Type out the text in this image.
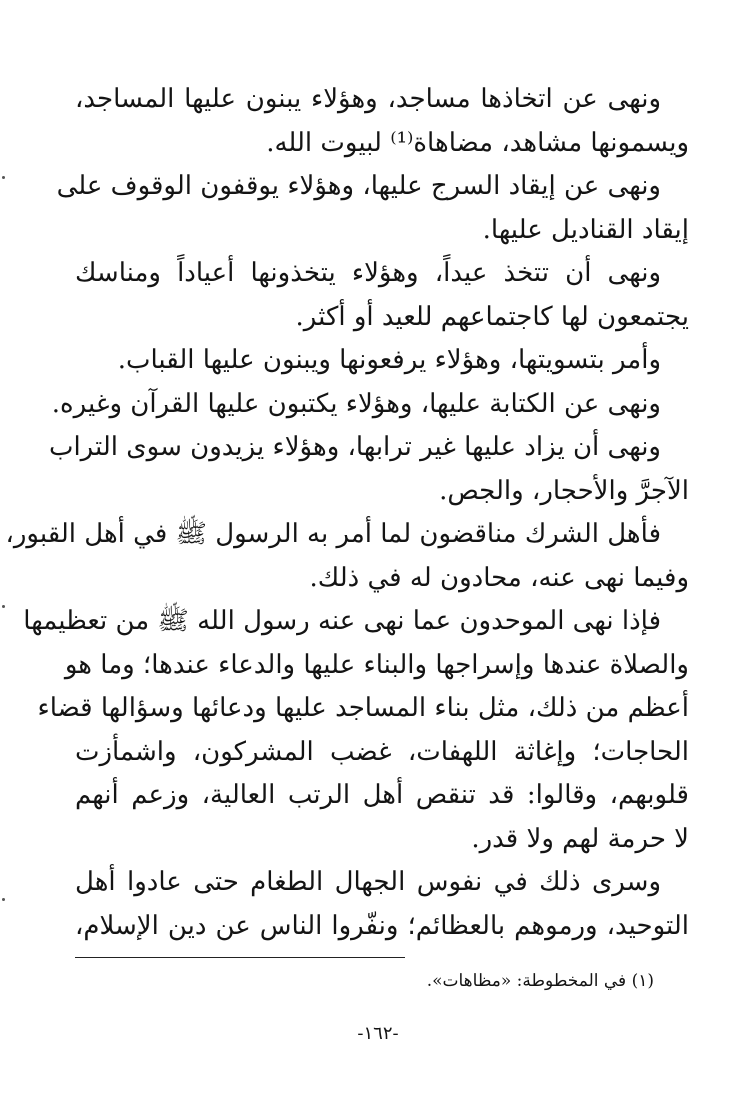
ونهى عن اتخاذها مساجد، وهؤلاء يبنون عليها المساجد،
ويسمونها مشاهد، مضاهاة⁽¹⁾ لبيوت الله.
ونهى عن إيقاد السرج عليها، وهؤلاء يوقفون الوقوف على
إيقاد القناديل عليها.
ونهى أن تتخذ عيداً، وهؤلاء يتخذونها أعياداً ومناسك
يجتمعون لها كاجتماعهم للعيد أو أكثر.
وأمر بتسويتها، وهؤلاء يرفعونها ويبنون عليها القباب.
ونهى عن الكتابة عليها، وهؤلاء يكتبون عليها القرآن وغيره.
ونهى أن يزاد عليها غير ترابها، وهؤلاء يزيدون سوى التراب
الآجرَّ والأحجار، والجص.
فأهل الشرك مناقضون لما أمر به الرسول ﷺ في أهل القبور،
وفيما نهى عنه، محادون له في ذلك.
فإذا نهى الموحدون عما نهى عنه رسول الله ﷺ من تعظيمها
والصلاة عندها وإسراجها والبناء عليها والدعاء عندها؛ وما هو
أعظم من ذلك، مثل بناء المساجد عليها ودعائها وسؤالها قضاء
الحاجات؛ وإغاثة اللهفات، غضب المشركون، واشمأزت
قلوبهم، وقالوا: قد تنقص أهل الرتب العالية، وزعم أنهم
لا حرمة لهم ولا قدر.
وسرى ذلك في نفوس الجهال الطغام حتى عادوا أهل
التوحيد، ورموهم بالعظائم؛ ونفّروا الناس عن دين الإسلام،
(١) في المخطوطة: «مظاهات».
-١٦٢-
